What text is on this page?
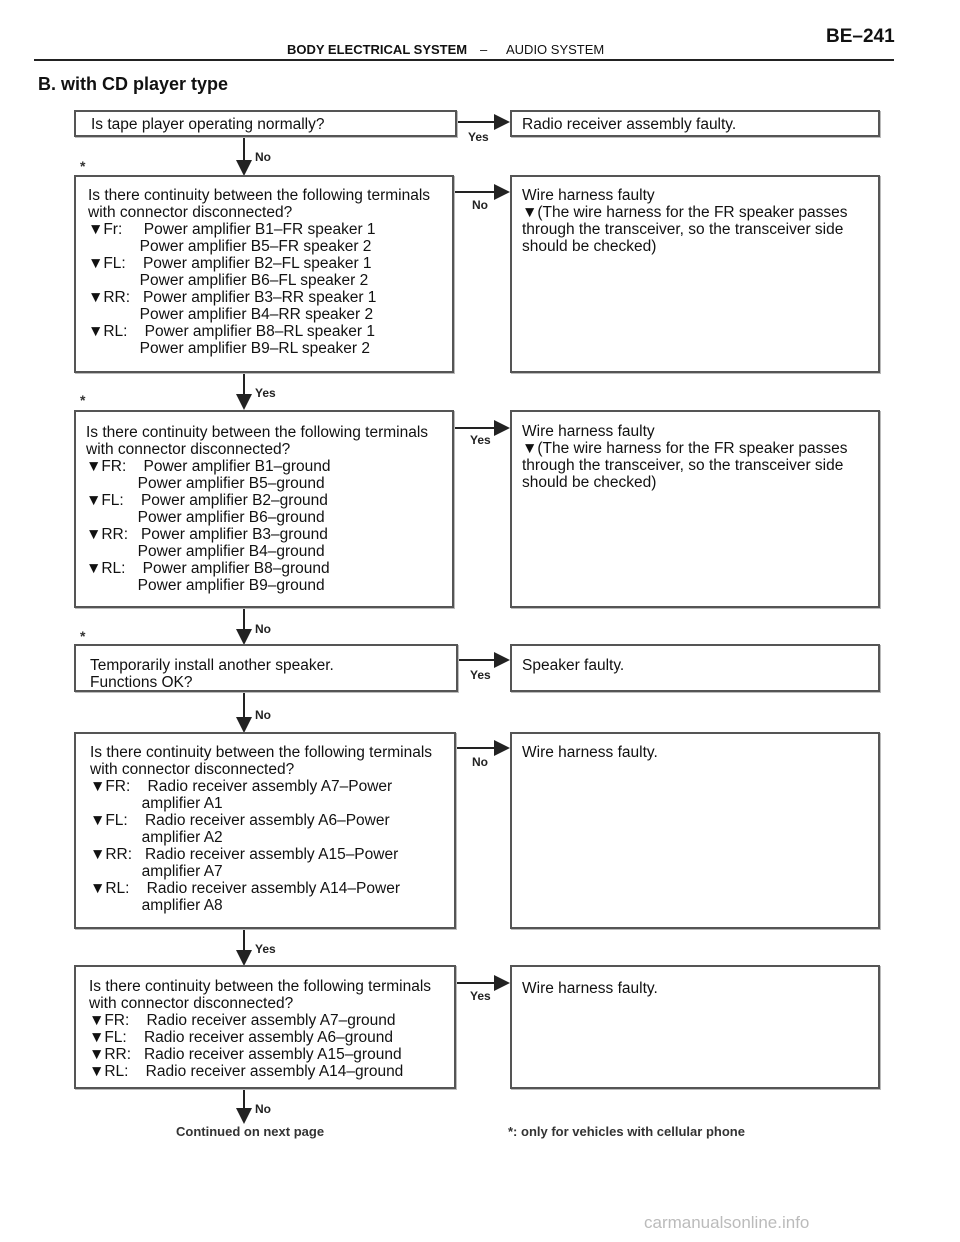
BODY ELECTRICAL SYSTEM – AUDIO SYSTEM
BE–241
B. with CD player type
*
*
*
Yes
No
No
Yes
Yes
No
Yes
No
No
Yes
Yes
No
Is tape player operating normally?
Is there continuity between the following terminals
with connector disconnected?
▼Fr:     Power amplifier B1–FR speaker 1
Power amplifier B5–FR speaker 2
▼FL:    Power amplifier B2–FL speaker 1
Power amplifier B6–FL speaker 2
▼RR:   Power amplifier B3–RR speaker 1
Power amplifier B4–RR speaker 2
▼RL:    Power amplifier B8–RL speaker 1
Power amplifier B9–RL speaker 2
Is there continuity between the following terminals
with connector disconnected?
▼FR:    Power amplifier B1–ground
Power amplifier B5–ground
▼FL:    Power amplifier B2–ground
Power amplifier B6–ground
▼RR:   Power amplifier B3–ground
Power amplifier B4–ground
▼RL:    Power amplifier B8–ground
Power amplifier B9–ground
Temporarily install another speaker.
Functions OK?
Is there continuity between the following terminals
with connector disconnected?
▼FR:    Radio receiver assembly A7–Power
amplifier A1
▼FL:    Radio receiver assembly A6–Power
amplifier A2
▼RR:   Radio receiver assembly A15–Power
amplifier A7
▼RL:    Radio receiver assembly A14–Power
amplifier A8
Is there continuity between the following terminals
with connector disconnected?
▼FR:    Radio receiver assembly A7–ground
▼FL:    Radio receiver assembly A6–ground
▼RR:   Radio receiver assembly A15–ground
▼RL:    Radio receiver assembly A14–ground
Radio receiver assembly faulty.
Wire harness faulty
▼(The wire harness for the FR speaker passes
through the transceiver, so the transceiver side
should be checked)
Wire harness faulty
▼(The wire harness for the FR speaker passes
through the transceiver, so the transceiver side
should be checked)
Speaker faulty.
Wire harness faulty.
Wire harness faulty.
Continued on next page	*: only for vehicles with cellular phone
carmanualsonline.info
